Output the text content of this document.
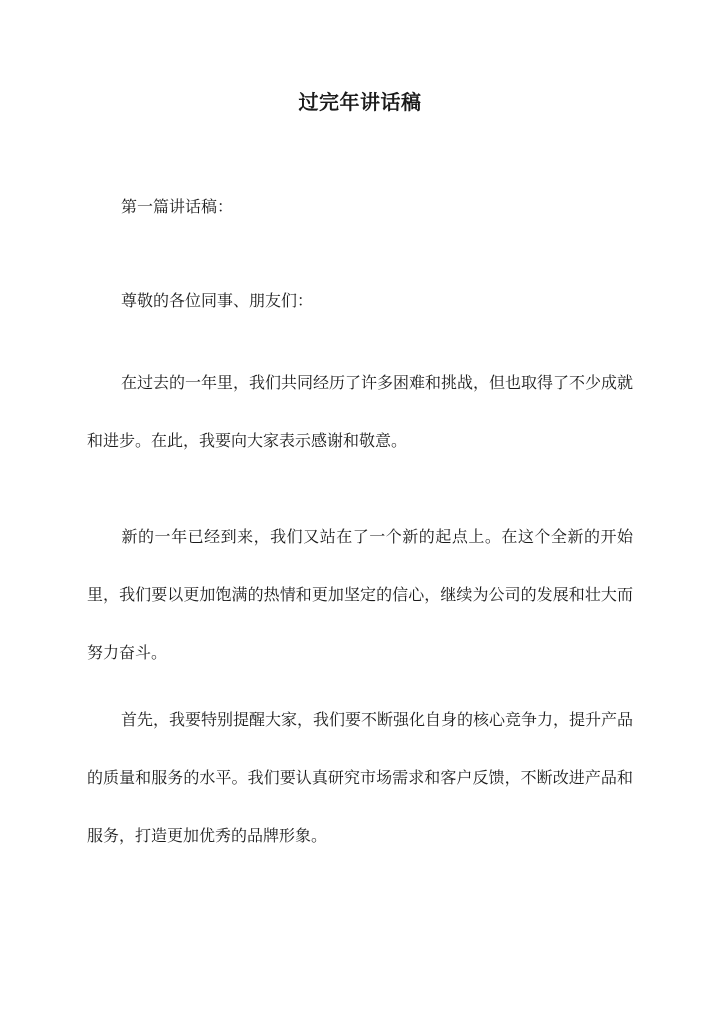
过完年讲话稿

第一篇讲话稿：

尊敬的各位同事、朋友们：

在过去的一年里，我们共同经历了许多困难和挑战，但也取得了不少成就和进步。在此，我要向大家表示感谢和敬意。

新的一年已经到来，我们又站在了一个新的起点上。在这个全新的开始里，我们要以更加饱满的热情和更加坚定的信心，继续为公司的发展和壮大而努力奋斗。

首先，我要特别提醒大家，我们要不断强化自身的核心竞争力，提升产品的质量和服务的水平。我们要认真研究市场需求和客户反馈，不断改进产品和服务，打造更加优秀的品牌形象。
